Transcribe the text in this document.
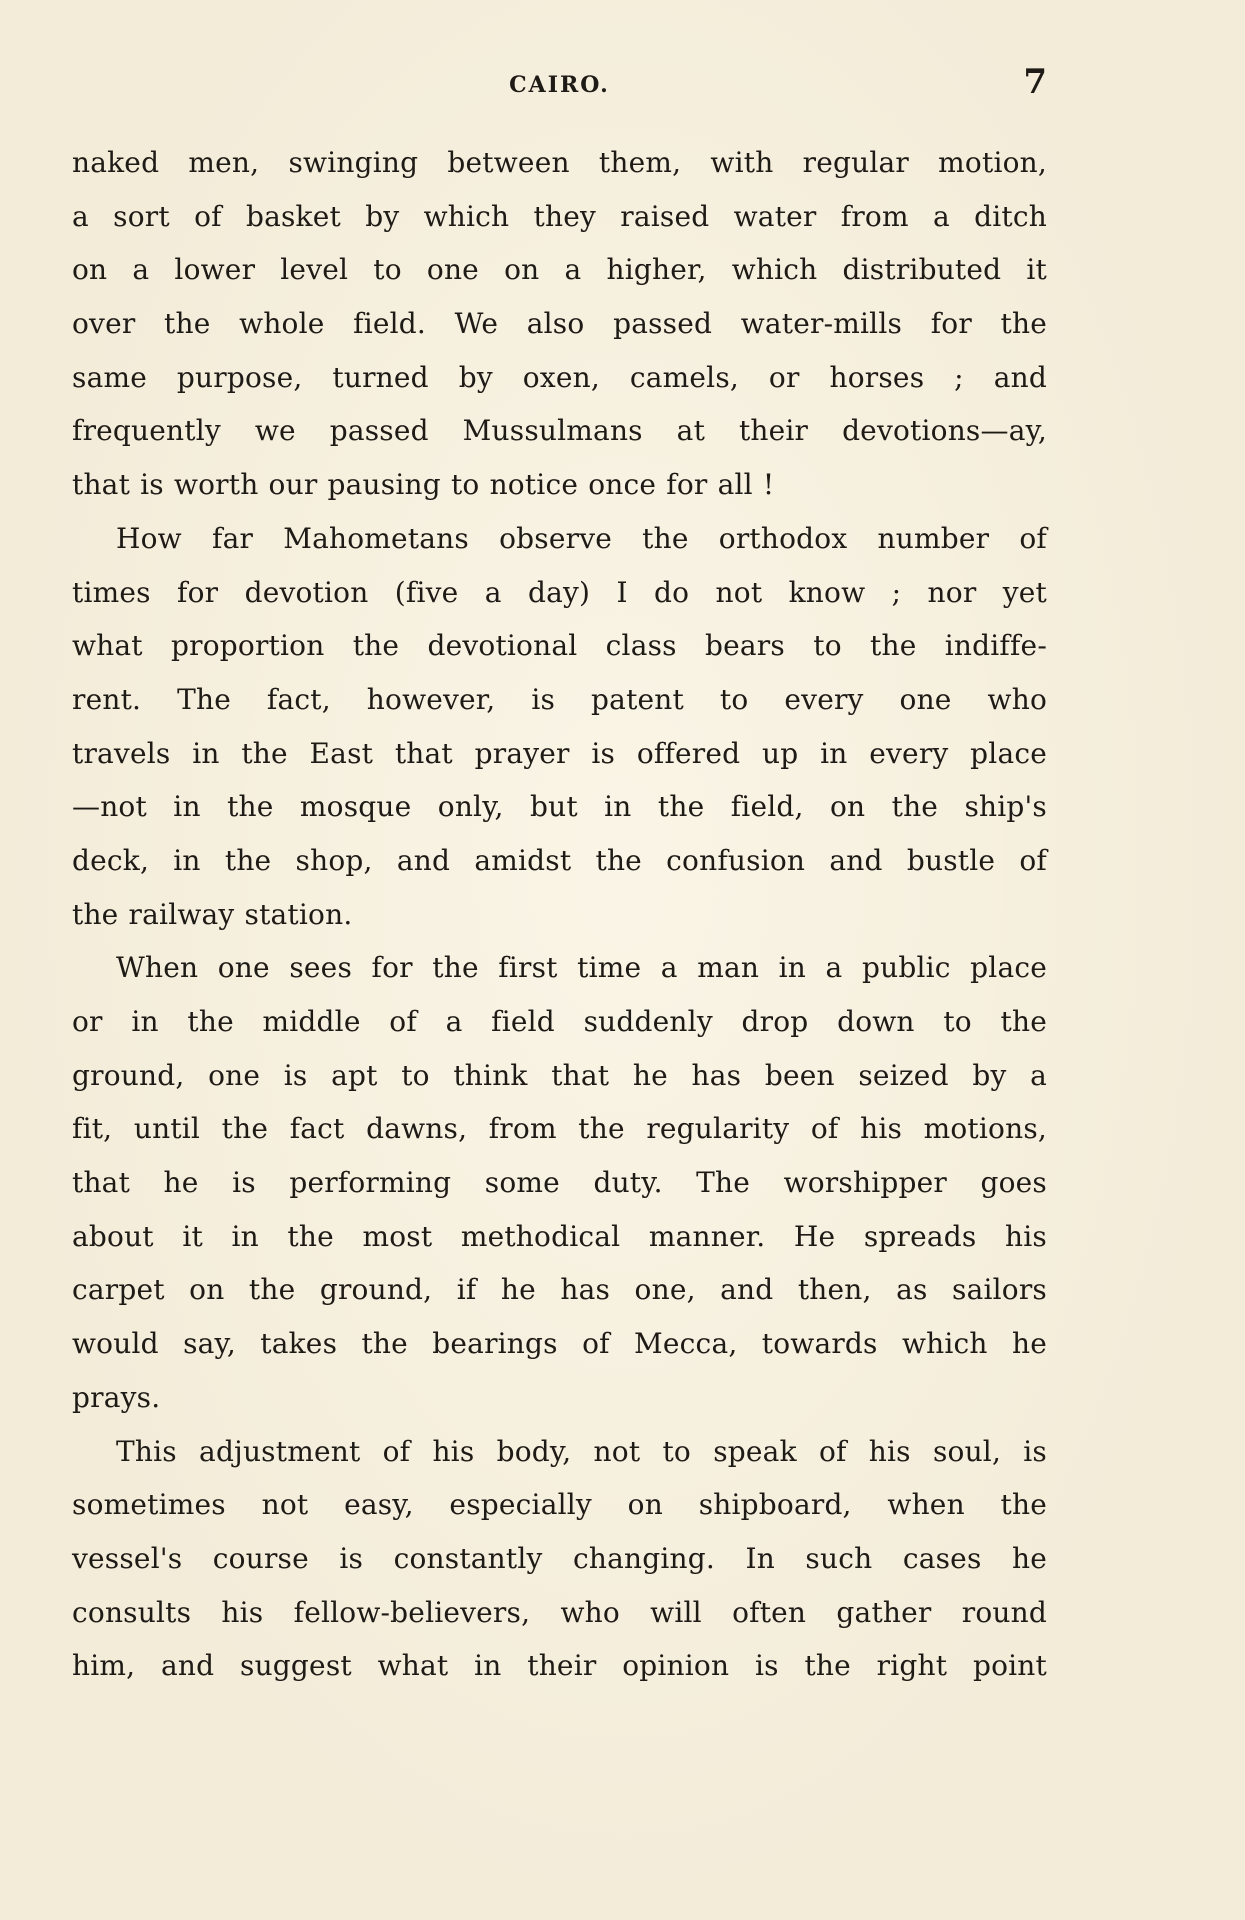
CAIRO.	7
naked men, swinging between them, with regular motion,
a sort of basket by which they raised water from a ditch
on a lower level to one on a higher, which distributed it
over the whole field. We also passed water-mills for the
same purpose, turned by oxen, camels, or horses ; and
frequently we passed Mussulmans at their devotions—ay,
that is worth our pausing to notice once for all !
How far Mahometans observe the orthodox number of
times for devotion (five a day) I do not know ; nor yet
what proportion the devotional class bears to the indiffe-
rent. The fact, however, is patent to every one who
travels in the East that prayer is offered up in every place
—not in the mosque only, but in the field, on the ship's
deck, in the shop, and amidst the confusion and bustle of
the railway station.
When one sees for the first time a man in a public place
or in the middle of a field suddenly drop down to the
ground, one is apt to think that he has been seized by a
fit, until the fact dawns, from the regularity of his motions,
that he is performing some duty. The worshipper goes
about it in the most methodical manner. He spreads his
carpet on the ground, if he has one, and then, as sailors
would say, takes the bearings of Mecca, towards which he
prays.
This adjustment of his body, not to speak of his soul, is
sometimes not easy, especially on shipboard, when the
vessel's course is constantly changing. In such cases he
consults his fellow-believers, who will often gather round
him, and suggest what in their opinion is the right point
